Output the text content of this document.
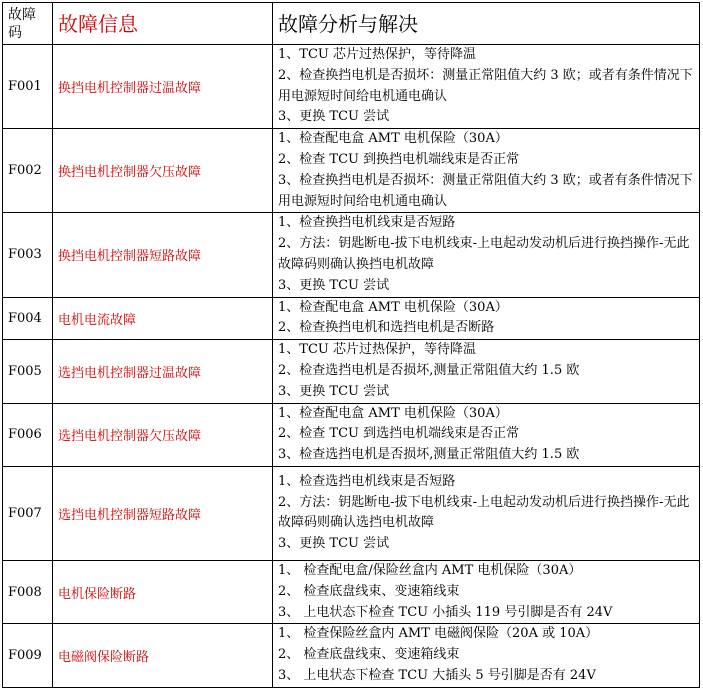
故障码	故障信息	故障分析与解决
F001	换挡电机控制器过温故障	1、TCU 芯片过热保护，等待降温
2、检查换挡电机是否损坏：测量正常阻值大约 3 欧；或者有条件情况下用电源短时间给电机通电确认
3、更换 TCU 尝试

F002	换挡电机控制器欠压故障	1、检查配电盒 AMT 电机保险（30A）
2、检查 TCU 到换挡电机端线束是否正常
3、检查换挡电机是否损坏：测量正常阻值大约 3 欧；或者有条件情况下用电源短时间给电机通电确认

F003	换挡电机控制器短路故障	1、检查换挡电机线束是否短路
2、方法：钥匙断电-拔下电机线束-上电起动发动机后进行换挡操作-无此故障码则确认换挡电机故障
3、更换 TCU 尝试

F004	电机电流故障	1、检查配电盒 AMT 电机保险（30A）
2、检查换挡电机和选挡电机是否断路

F005	选挡电机控制器过温故障	1、TCU 芯片过热保护，等待降温
2、检查选挡电机是否损坏,测量正常阻值大约 1.5 欧
3、更换 TCU 尝试

F006	选挡电机控制器欠压故障	1、检查配电盒 AMT 电机保险（30A）
2、检查 TCU 到选挡电机端线束是否正常
3、检查选挡电机是否损坏,测量正常阻值大约 1.5 欧

F007	选挡电机控制器短路故障	1、检查选挡电机线束是否短路
2、方法：钥匙断电-拔下电机线束-上电起动发动机后进行换挡操作-无此故障码则确认选挡电机故障
3、更换 TCU 尝试

F008	电机保险断路	1、 检查配电盒/保险丝盒内 AMT 电机保险（30A）
2、 检查底盘线束、变速箱线束
3、 上电状态下检查 TCU 小插头 119 号引脚是否有 24V

F009	电磁阀保险断路	1、 检查保险丝盒内 AMT 电磁阀保险（20A 或 10A）
2、 检查底盘线束、变速箱线束
3、 上电状态下检查 TCU 大插头 5 号引脚是否有 24V
